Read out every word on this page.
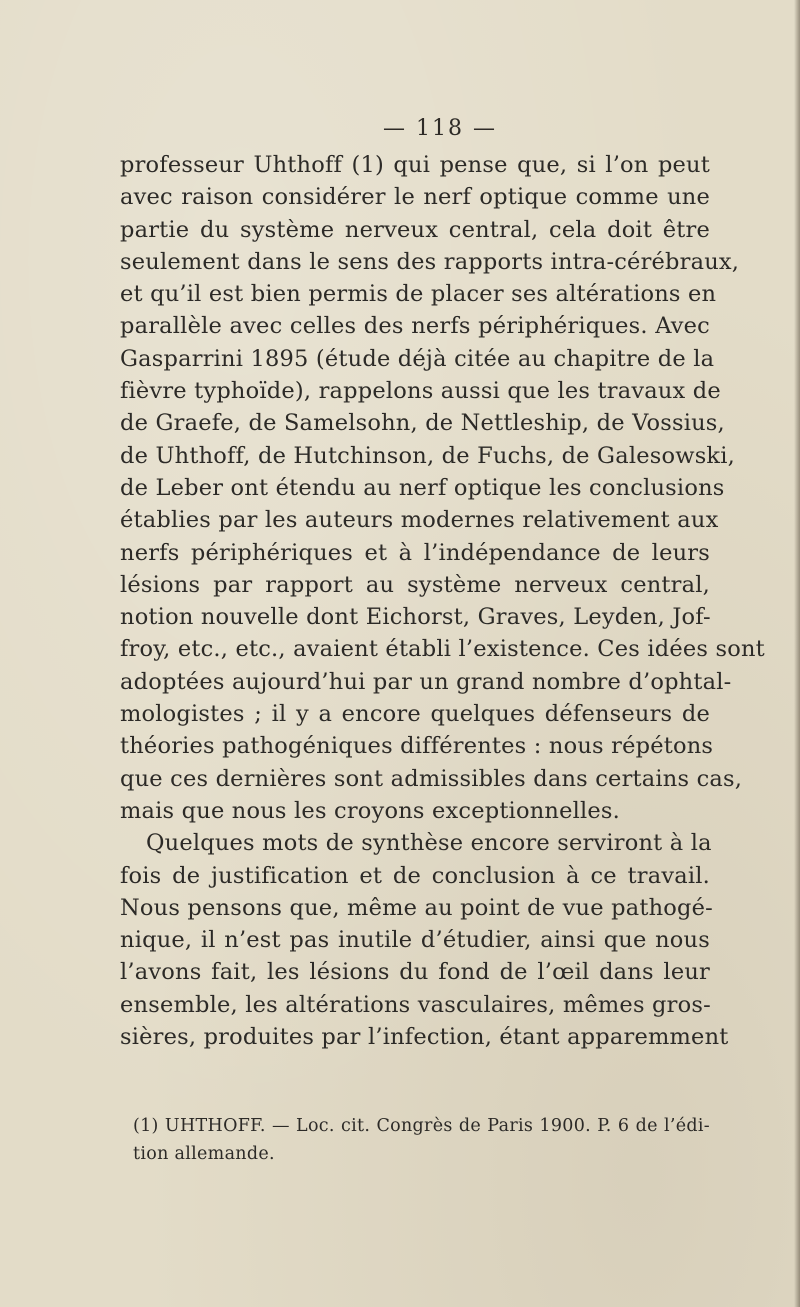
— 118 —
professeur Uhthoff (1) qui pense que, si l’on peut
avec raison considérer le nerf optique comme une
partie du système nerveux central, cela doit être
seulement dans le sens des rapports intra-cérébraux,
et qu’il est bien permis de placer ses altérations en
parallèle avec celles des nerfs périphériques. Avec
Gasparrini 1895 (étude déjà citée au chapitre de la
fièvre typhoïde), rappelons aussi que les travaux de
de Graefe, de Samelsohn, de Nettleship, de Vossius,
de Uhthoff, de Hutchinson, de Fuchs, de Galesowski,
de Leber ont étendu au nerf optique les conclusions
établies par les auteurs modernes relativement aux
nerfs périphériques et à l’indépendance de leurs
lésions par rapport au système nerveux central,
notion nouvelle dont Eichorst, Graves, Leyden, Jof-
froy, etc., etc., avaient établi l’existence. Ces idées sont
adoptées aujourd’hui par un grand nombre d’ophtal-
mologistes ; il y a encore quelques défenseurs de
théories pathogéniques différentes : nous répétons
que ces dernières sont admissibles dans certains cas,
mais que nous les croyons exceptionnelles.
Quelques mots de synthèse encore serviront à la
fois de justification et de conclusion à ce travail.
Nous pensons que, même au point de vue pathogé-
nique, il n’est pas inutile d’étudier, ainsi que nous
l’avons fait, les lésions du fond de l’œil dans leur
ensemble, les altérations vasculaires, mêmes gros-
sières, produites par l’infection, étant apparemment
(1) UHTHOFF. — Loc. cit. Congrès de Paris 1900. P. 6 de l’édi-
tion allemande.
